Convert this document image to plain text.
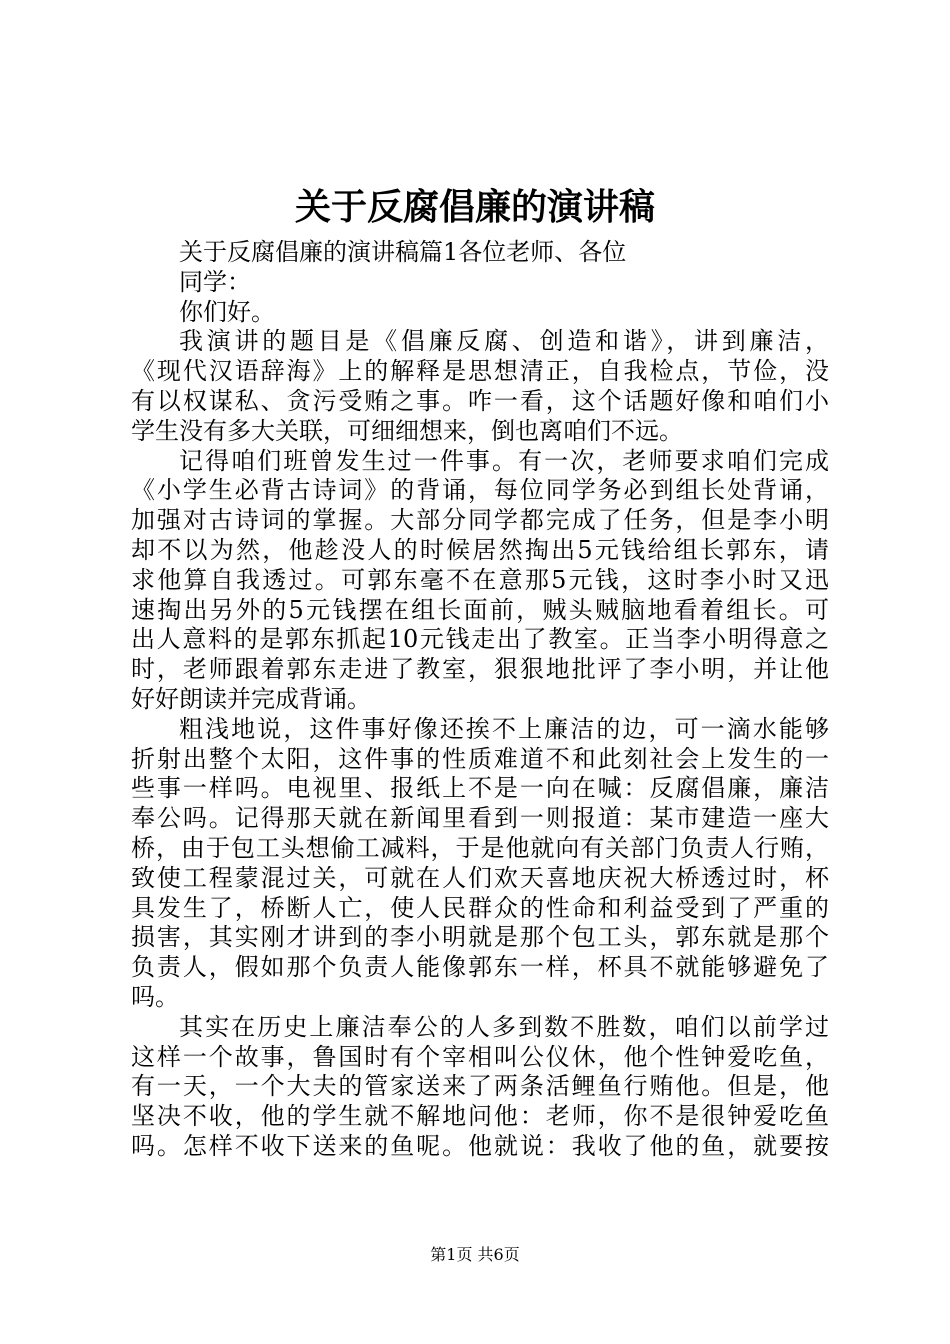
关于反腐倡廉的演讲稿
关于反腐倡廉的演讲稿篇1各位老师、各位
同学：
你们好。
我演讲的题目是《倡廉反腐、创造和谐》，讲到廉洁，
《现代汉语辞海》上的解释是思想清正，自我检点，节俭，没
有以权谋私、贪污受贿之事。咋一看，这个话题好像和咱们小
学生没有多大关联，可细细想来，倒也离咱们不远。
记得咱们班曾发生过一件事。有一次，老师要求咱们完成
《小学生必背古诗词》的背诵，每位同学务必到组长处背诵，
加强对古诗词的掌握。大部分同学都完成了任务，但是李小明
却不以为然，他趁没人的时候居然掏出5元钱给组长郭东，请
求他算自我透过。可郭东毫不在意那5元钱，这时李小时又迅
速掏出另外的5元钱摆在组长面前，贼头贼脑地看着组长。可
出人意料的是郭东抓起10元钱走出了教室。正当李小明得意之
时，老师跟着郭东走进了教室，狠狠地批评了李小明，并让他
好好朗读并完成背诵。
粗浅地说，这件事好像还挨不上廉洁的边，可一滴水能够
折射出整个太阳，这件事的性质难道不和此刻社会上发生的一
些事一样吗。电视里、报纸上不是一向在喊：反腐倡廉，廉洁
奉公吗。记得那天就在新闻里看到一则报道：某市建造一座大
桥，由于包工头想偷工减料，于是他就向有关部门负责人行贿，
致使工程蒙混过关，可就在人们欢天喜地庆祝大桥透过时，杯
具发生了，桥断人亡，使人民群众的性命和利益受到了严重的
损害，其实刚才讲到的李小明就是那个包工头，郭东就是那个
负责人，假如那个负责人能像郭东一样，杯具不就能够避免了
吗。
其实在历史上廉洁奉公的人多到数不胜数，咱们以前学过
这样一个故事，鲁国时有个宰相叫公仪休，他个性钟爱吃鱼，
有一天，一个大夫的管家送来了两条活鲤鱼行贿他。但是，他
坚决不收，他的学生就不解地问他：老师，你不是很钟爱吃鱼
吗。怎样不收下送来的鱼呢。他就说：我收了他的鱼，就要按
第1页 共6页
